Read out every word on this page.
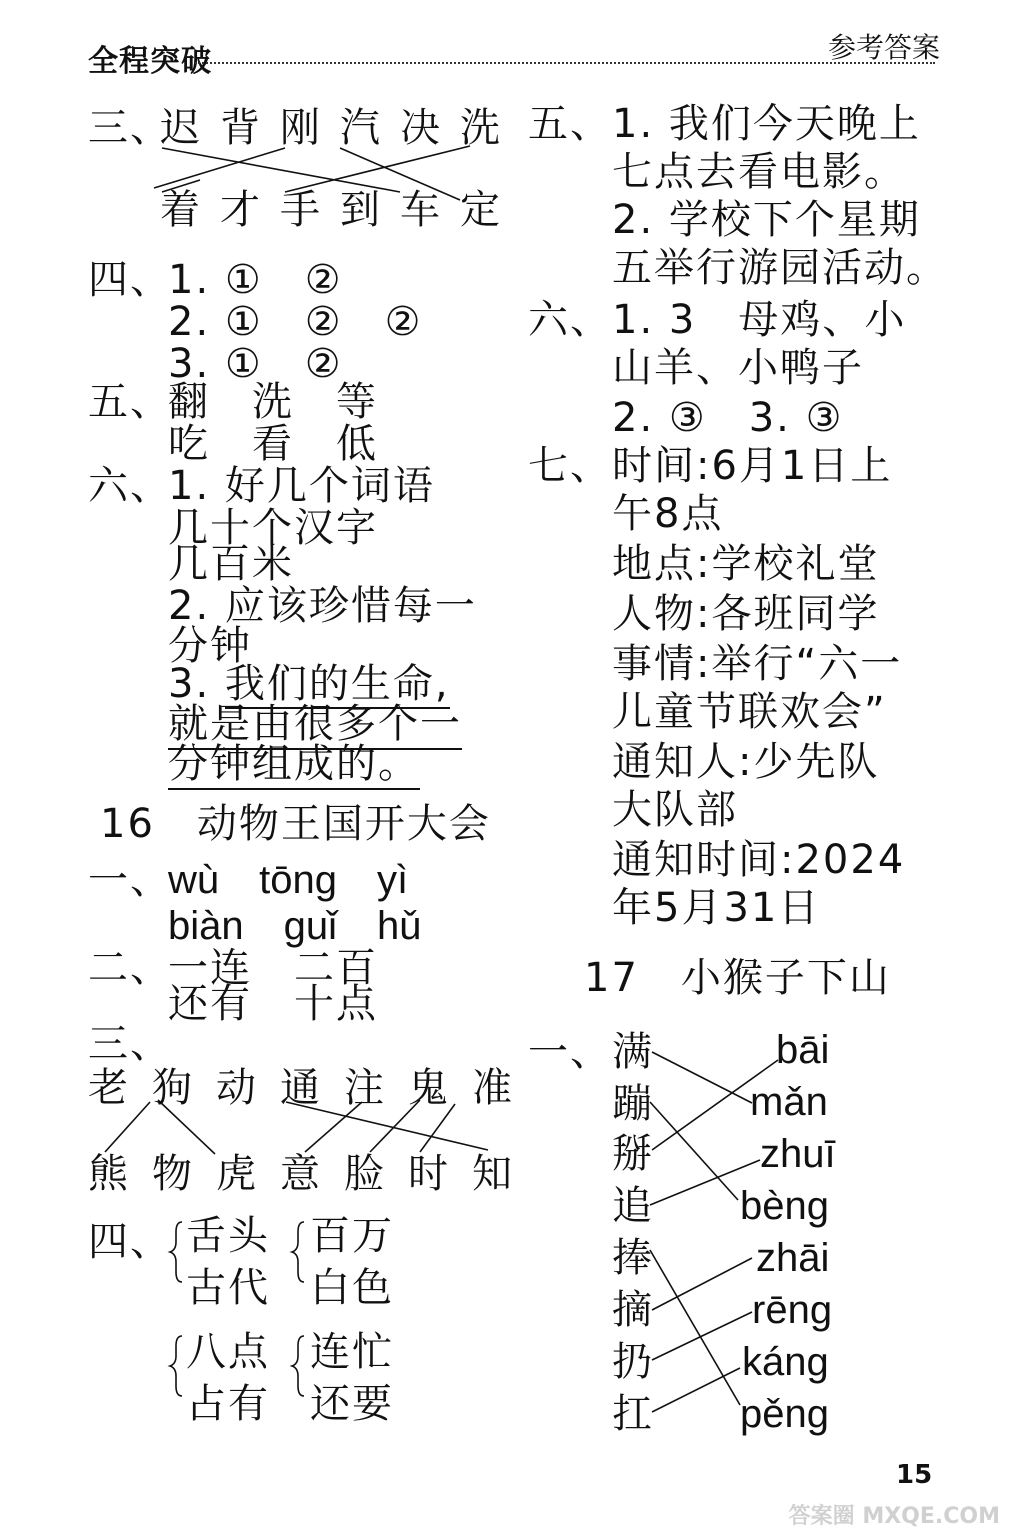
全程突破	参考答案
三、
迟 背 刚 汽 决 洗
着 才 手 到 车 定
四、
1. ①　②
2. ①　②　②
3. ①　②
五、
翻　洗　等
吃　看　低
六、
1. 好几个词语
几十个汉字
几百米
2. 应该珍惜每一
分钟
3. 我们的生命,
就是由很多个一
分钟组成的。
16　动物王国开大会
一、
wù　tōng　yì
biàn　guǐ　hǔ
二、
一连　二百
还有　十点
三、
老 狗 动 通 注 鬼 准
熊 物 虎 意 脸 时 知
四、 舌头
古代
百万
白色
八点
占有
连忙
还要
五、 1. 我们今天晚上
七点去看电影。
2. 学校下个星期
五举行游园活动。
六、 1. 3　母鸡、小
山羊、小鸭子
2. ③　3. ③
七、 时间:6月1日上
午8点
地点:学校礼堂
人物:各班同学
事情:举行“六一
儿童节联欢会”
通知人:少先队
大队部
通知时间:2024
年5月31日
17　小猴子下山
一、 满
蹦
掰
追
捧
摘
扔
扛
bāi
mǎn
zhuī
bèng
zhāi
rēng
káng
pěng
15
答案圈 MXQE.COM
